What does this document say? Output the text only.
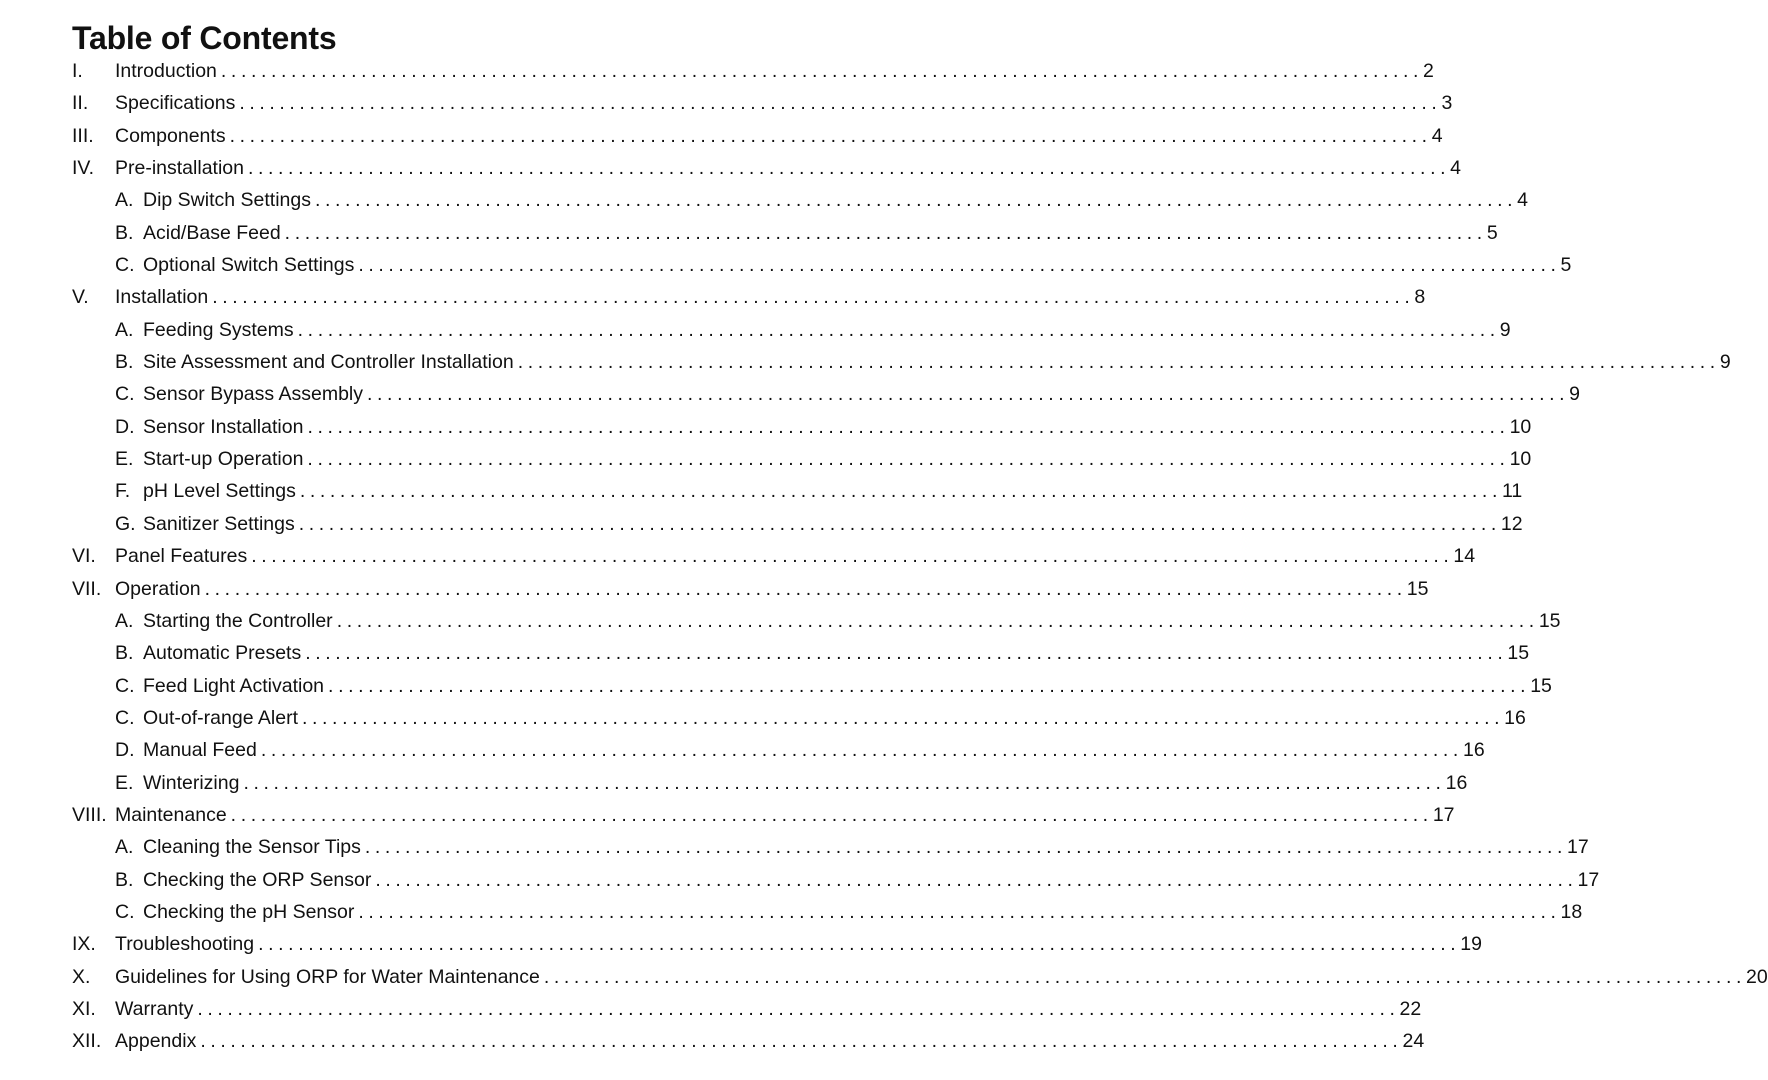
Table of Contents
I.	Introduction ........................................................................................................................ 2
II.	Specifications ........................................................................................................................ 3
III.	Components ........................................................................................................................ 4
IV.	Pre-installation ........................................................................................................................ 4
A. Dip Switch Settings ........................................................................................................................ 4
B. Acid/Base Feed ........................................................................................................................ 5
C. Optional Switch Settings ........................................................................................................................ 5
V.	Installation ........................................................................................................................ 8
A. Feeding Systems ........................................................................................................................ 9
B. Site Assessment and Controller Installation ........................................................................................................................ 9
C. Sensor Bypass Assembly ........................................................................................................................ 9
D. Sensor Installation ........................................................................................................................ 10
E. Start-up Operation ........................................................................................................................ 10
F. pH Level Settings ........................................................................................................................ 11
G. Sanitizer Settings ........................................................................................................................ 12
VI. Panel Features ........................................................................................................................ 14
VII. Operation ........................................................................................................................ 15
A. Starting the Controller ........................................................................................................................ 15
B. Automatic Presets ........................................................................................................................ 15
C. Feed Light Activation ........................................................................................................................ 15
C. Out-of-range Alert ........................................................................................................................ 16
D. Manual Feed ........................................................................................................................ 16
E. Winterizing ........................................................................................................................ 16
VIII. Maintenance ........................................................................................................................ 17
A. Cleaning the Sensor Tips ........................................................................................................................ 17
B. Checking the ORP Sensor ........................................................................................................................ 17
C. Checking the pH Sensor ........................................................................................................................ 18
IX. Troubleshooting ........................................................................................................................ 19
X.	Guidelines for Using ORP for Water Maintenance ........................................................................................................................ 20
XI. Warranty ........................................................................................................................ 22
XII. Appendix ........................................................................................................................ 24
